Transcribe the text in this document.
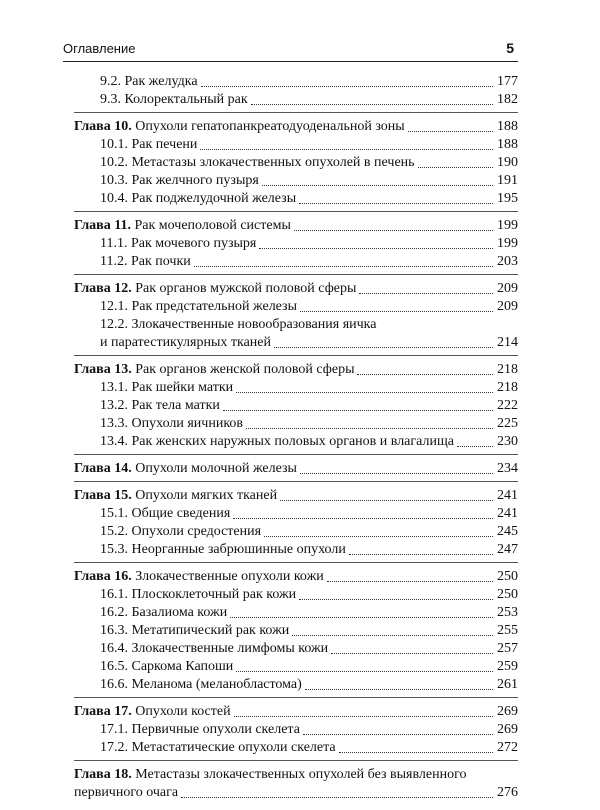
Оглавление	5
9.2. Рак желудка	177
9.3. Колоректальный рак	182
Глава 10. Опухоли гепатопанкреатодуоденальной зоны	188
10.1. Рак печени	188
10.2. Метастазы злокачественных опухолей в печень	190
10.3. Рак желчного пузыря	191
10.4. Рак поджелудочной железы	195
Глава 11. Рак мочеполовой системы	199
11.1. Рак мочевого пузыря	199
11.2. Рак почки	203
Глава 12. Рак органов мужской половой сферы	209
12.1. Рак предстательной железы	209
12.2. Злокачественные новообразования яичка
и паратестикулярных тканей	214
Глава 13. Рак органов женской половой сферы	218
13.1. Рак шейки матки	218
13.2. Рак тела матки	222
13.3. Опухоли яичников	225
13.4. Рак женских наружных половых органов и влагалища	230
Глава 14. Опухоли молочной железы	234
Глава 15. Опухоли мягких тканей	241
15.1. Общие сведения	241
15.2. Опухоли средостения	245
15.3. Неорганные забрюшинные опухоли	247
Глава 16. Злокачественные опухоли кожи	250
16.1. Плоскоклеточный рак кожи	250
16.2. Базалиома кожи	253
16.3. Метатипический рак кожи	255
16.4. Злокачественные лимфомы кожи	257
16.5. Саркома Капоши	259
16.6. Меланома (меланобластома)	261
Глава 17. Опухоли костей	269
17.1. Первичные опухоли скелета	269
17.2. Метастатические опухоли скелета	272
Глава 18. Метастазы злокачественных опухолей без выявленного
первичного очага	276
